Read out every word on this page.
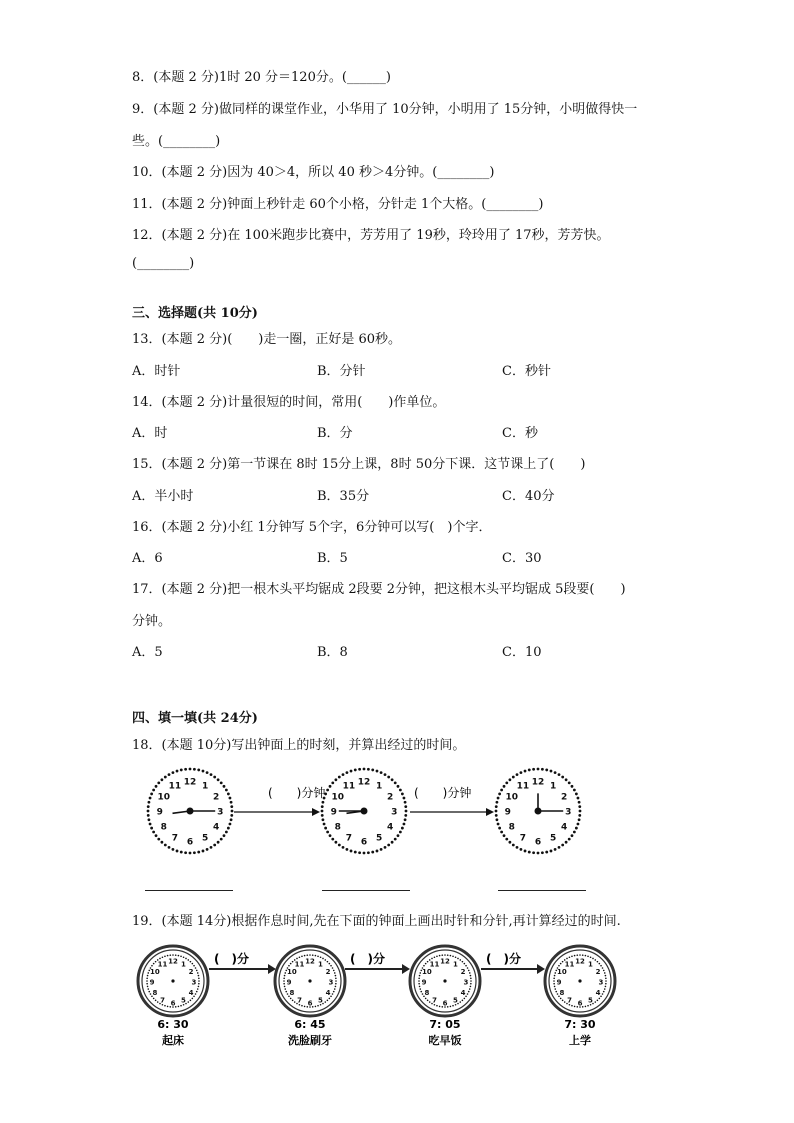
8．(本题 2 分)1时 20 分＝120分。(______)
9．(本题 2 分)做同样的课堂作业，小华用了 10分钟，小明用了 15分钟，小明做得快一
些。(________)
10．(本题 2 分)因为 40＞4，所以 40 秒＞4分钟。(________)
11．(本题 2 分)钟面上秒针走 60个小格，分针走 1个大格。(________)
12．(本题 2 分)在 100米跑步比赛中，芳芳用了 19秒，玲玲用了 17秒，芳芳快。
(________)
三、选择题(共 10分)
13．(本题 2 分)(　　)走一圈，正好是 60秒。
A．时针	B．分针	C．秒针
14．(本题 2 分)计量很短的时间，常用(　　)作单位。
A．时	B．分	C．秒
15．(本题 2 分)第一节课在 8时 15分上课，8时 50分下课．这节课上了(　　)
A．半小时	B．35分	C．40分
16．(本题 2 分)小红 1分钟写 5个字，6分钟可以写(　)个字．
A．6	B．5	C．30
17．(本题 2 分)把一根木头平均锯成 2段要 2分钟，把这根木头平均锯成 5段要(　　)
分钟。
A．5	B．8	C．10
四、填一填(共 24分)
18．(本题 10分)写出钟面上的时刻，并算出经过的时间。
12 1
2
3
4
5
6
7
8
9
10
11	12 1
2
3
4
5
6
7
8
9
10
11	12 1
2
3
4
5
6
7
8
9
10
11
(　　)分钟	(　　)分钟
19．(本题 14分)根据作息时间,先在下面的钟面上画出时针和分针,再计算经过的时间.
12 1
2
3
4
5
6
7
8
9
10
11	12 1
2
3
4
5
6
7
8
9
10
11	12 1
2
3
4
5
6
7
8
9
10
11	12 1
2
3
4
5
6
7
8
9
10
11
(　)分	(　)分	(　)分
6: 30
起床
6: 45
洗脸刷牙
7: 05
吃早饭
7: 30
上学
